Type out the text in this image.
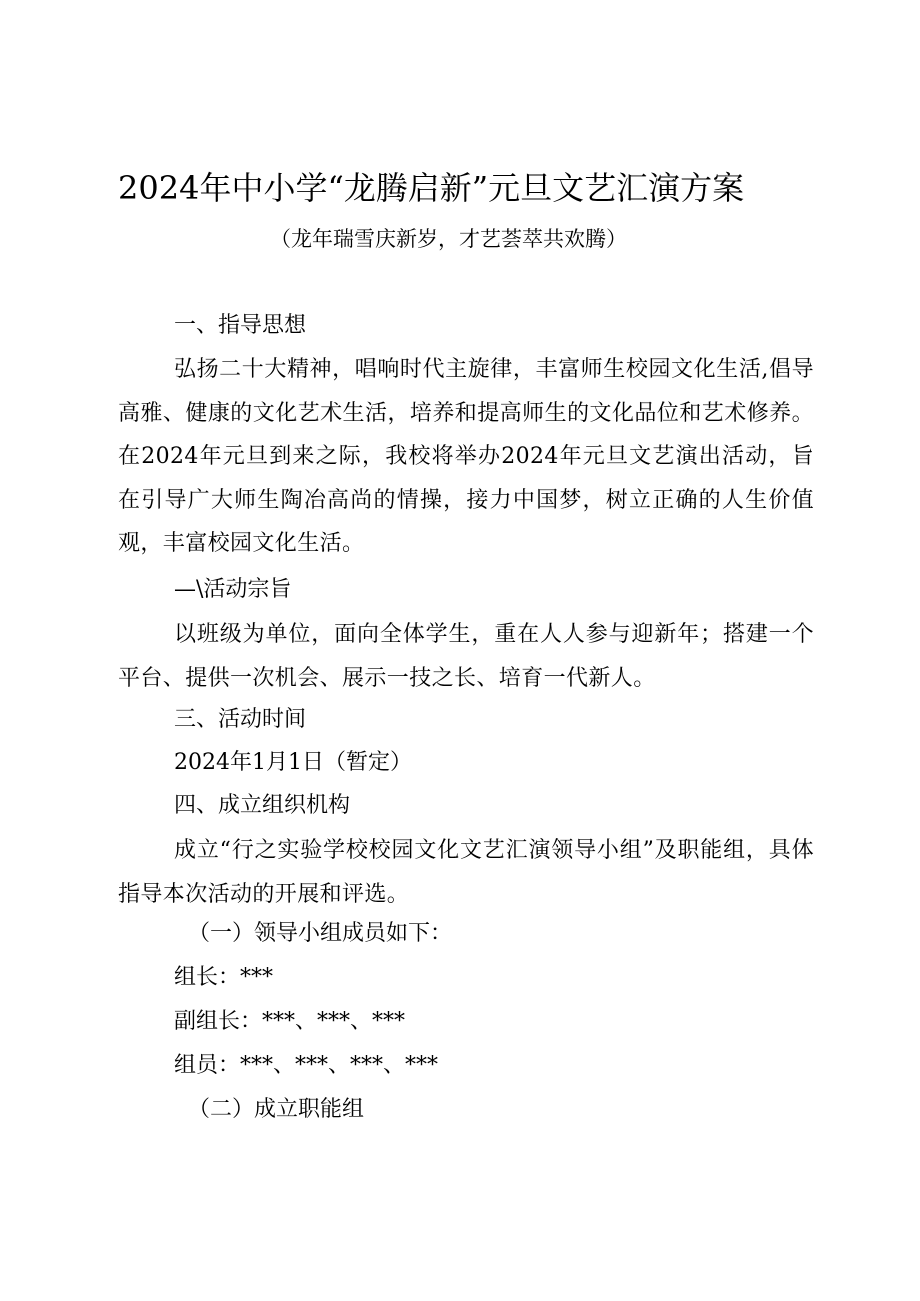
2024年中小学“龙腾启新”元旦文艺汇演方案
（龙年瑞雪庆新岁，才艺荟萃共欢腾）
一、指导思想
弘扬二十大精神，唱响时代主旋律，丰富师生校园文化生活,倡导高雅、健康的文化艺术生活，培养和提高师生的文化品位和艺术修养。在2024年元旦到来之际，我校将举办2024年元旦文艺演出活动，旨在引导广大师生陶冶高尚的情操，接力中国梦，树立正确的人生价值观，丰富校园文化生活。
—\活动宗旨
以班级为单位，面向全体学生，重在人人参与迎新年；搭建一个平台、提供一次机会、展示一技之长、培育一代新人。
三、活动时间
2024年1月1日（暂定）
四、成立组织机构
成立“行之实验学校校园文化文艺汇演领导小组”及职能组，具体指导本次活动的开展和评选。
（一）领导小组成员如下：
组长：***
副组长：***、***、***
组员：***、***、***、***
（二）成立职能组
